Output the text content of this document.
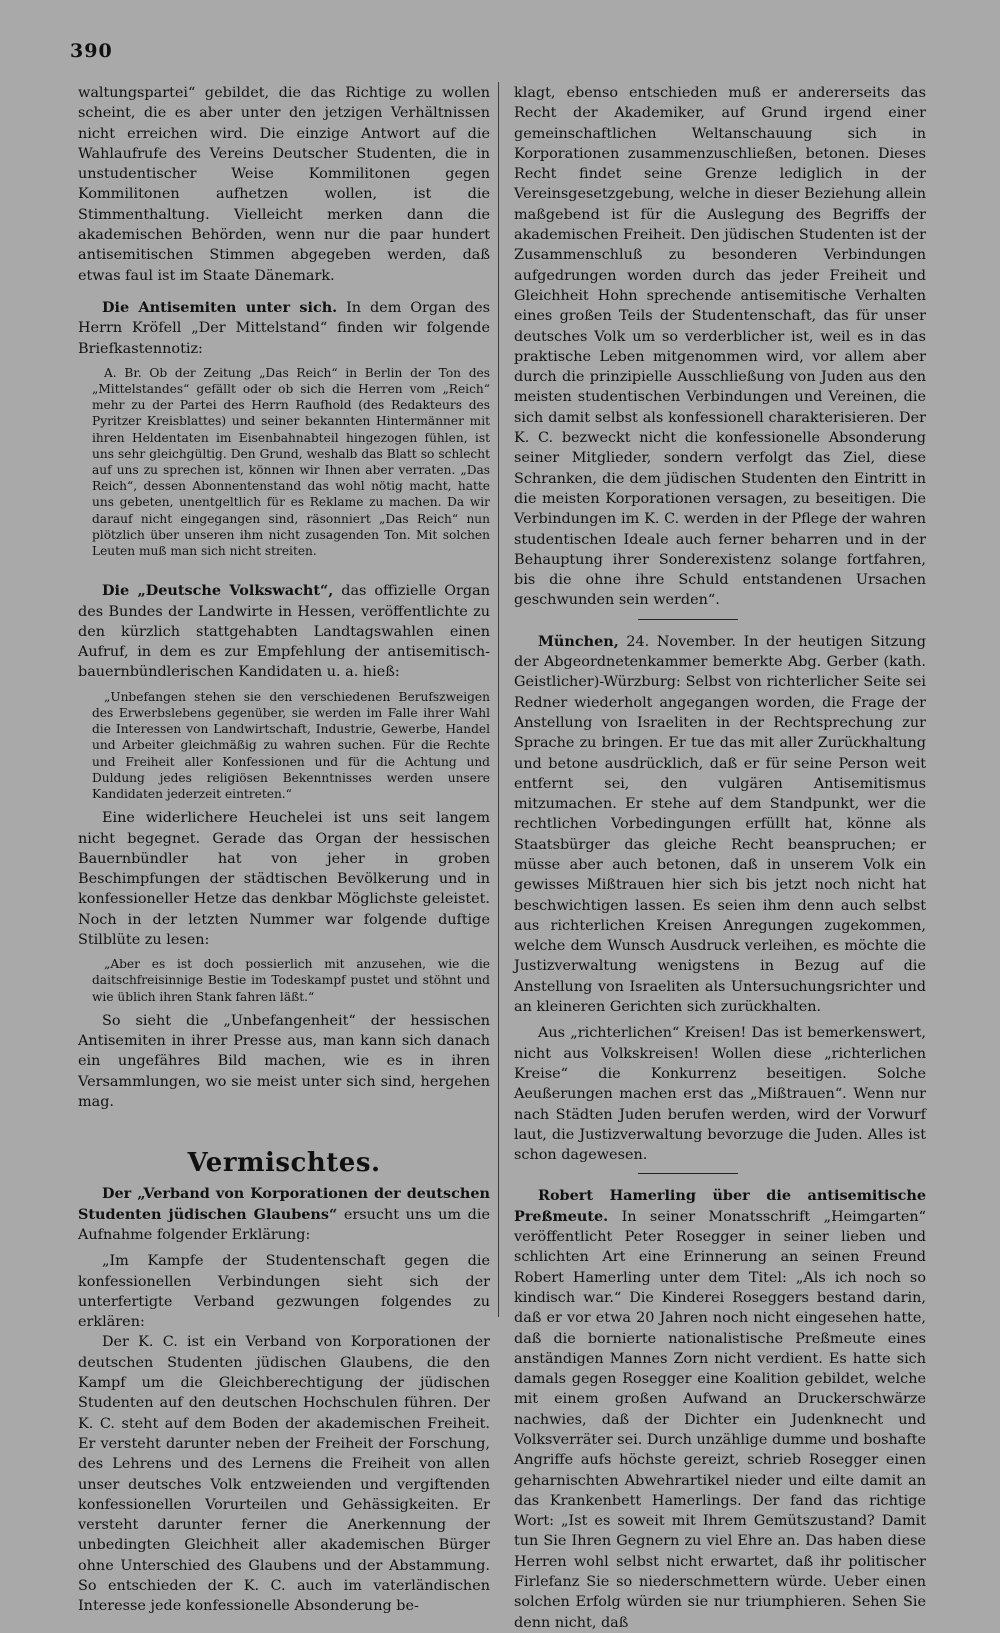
390

waltungspartei“ gebildet, die das Richtige zu wollen scheint, die es aber unter den jetzigen Verhältnissen nicht erreichen wird. Die einzige Antwort auf die Wahlaufrufe des Vereins Deutscher Studenten, die in unstudentischer Weise Kommilitonen gegen Kommilitonen aufhetzen wollen, ist die Stimmenthaltung. Vielleicht merken dann die akademischen Behörden, wenn nur die paar hundert antisemitischen Stimmen abgegeben werden, daß etwas faul ist im Staate Dänemark.

Die Antisemiten unter sich. In dem Organ des Herrn Kröfell „Der Mittelstand“ finden wir folgende Briefkastennotiz:

A. Br. Ob der Zeitung „Das Reich“ in Berlin der Ton des „Mittelstandes“ gefällt oder ob sich die Herren vom „Reich“ mehr zu der Partei des Herrn Raufhold (des Redakteurs des Pyritzer Kreisblattes) und seiner bekannten Hintermänner mit ihren Heldentaten im Eisenbahnabteil hingezogen fühlen, ist uns sehr gleichgültig. Den Grund, weshalb das Blatt so schlecht auf uns zu sprechen ist, können wir Ihnen aber verraten. „Das Reich“, dessen Abonnentenstand das wohl nötig macht, hatte uns gebeten, unentgeltlich für es Reklame zu machen. Da wir darauf nicht eingegangen sind, räsonniert „Das Reich“ nun plötzlich über unseren ihm nicht zusagenden Ton. Mit solchen Leuten muß man sich nicht streiten.

Die „Deutsche Volkswacht“, das offizielle Organ des Bundes der Landwirte in Hessen, veröffentlichte zu den kürzlich stattgehabten Landtagswahlen einen Aufruf, in dem es zur Empfehlung der antisemitisch-bauernbündlerischen Kandidaten u. a. hieß:

„Unbefangen stehen sie den verschiedenen Berufszweigen des Erwerbslebens gegenüber, sie werden im Falle ihrer Wahl die Interessen von Landwirtschaft, Industrie, Gewerbe, Handel und Arbeiter gleichmäßig zu wahren suchen. Für die Rechte und Freiheit aller Konfessionen und für die Achtung und Duldung jedes religiösen Bekenntnisses werden unsere Kandidaten jederzeit eintreten.“

Eine widerlichere Heuchelei ist uns seit langem nicht begegnet. Gerade das Organ der hessischen Bauernbündler hat von jeher in groben Beschimpfungen der städtischen Bevölkerung und in konfessioneller Hetze das denkbar Möglichste geleistet. Noch in der letzten Nummer war folgende duftige Stilblüte zu lesen:

„Aber es ist doch possierlich mit anzusehen, wie die daitschfreisinnige Bestie im Todeskampf pustet und stöhnt und wie üblich ihren Stank fahren läßt.“

So sieht die „Unbefangenheit“ der hessischen Antisemiten in ihrer Presse aus, man kann sich danach ein ungefähres Bild machen, wie es in ihren Versammlungen, wo sie meist unter sich sind, hergehen mag.

Vermischtes.

Der „Verband von Korporationen der deutschen Studenten jüdischen Glaubens“ ersucht uns um die Aufnahme folgender Erklärung:

„Im Kampfe der Studentenschaft gegen die konfessionellen Verbindungen sieht sich der unterfertigte Verband gezwungen folgendes zu erklären:

Der K. C. ist ein Verband von Korporationen der deutschen Studenten jüdischen Glaubens, die den Kampf um die Gleichberechtigung der jüdischen Studenten auf den deutschen Hochschulen führen. Der K. C. steht auf dem Boden der akademischen Freiheit. Er versteht darunter neben der Freiheit der Forschung, des Lehrens und des Lernens die Freiheit von allen unser deutsches Volk entzweienden und vergiftenden konfessionellen Vorurteilen und Gehässigkeiten. Er versteht darunter ferner die Anerkennung der unbedingten Gleichheit aller akademischen Bürger ohne Unterschied des Glaubens und der Abstammung. So entschieden der K. C. auch im vaterländischen Interesse jede konfessionelle Absonderung be-

klagt, ebenso entschieden muß er andererseits das Recht der Akademiker, auf Grund irgend einer gemeinschaftlichen Weltanschauung sich in Korporationen zusammenzuschließen, betonen. Dieses Recht findet seine Grenze lediglich in der Vereinsgesetzgebung, welche in dieser Beziehung allein maßgebend ist für die Auslegung des Begriffs der akademischen Freiheit. Den jüdischen Studenten ist der Zusammenschluß zu besonderen Verbindungen aufgedrungen worden durch das jeder Freiheit und Gleichheit Hohn sprechende antisemitische Verhalten eines großen Teils der Studentenschaft, das für unser deutsches Volk um so verderblicher ist, weil es in das praktische Leben mitgenommen wird, vor allem aber durch die prinzipielle Ausschließung von Juden aus den meisten studentischen Verbindungen und Vereinen, die sich damit selbst als konfessionell charakterisieren. Der K. C. bezweckt nicht die konfessionelle Absonderung seiner Mitglieder, sondern verfolgt das Ziel, diese Schranken, die dem jüdischen Studenten den Eintritt in die meisten Korporationen versagen, zu beseitigen. Die Verbindungen im K. C. werden in der Pflege der wahren studentischen Ideale auch ferner beharren und in der Behauptung ihrer Sonderexistenz solange fortfahren, bis die ohne ihre Schuld entstandenen Ursachen geschwunden sein werden“.

München, 24. November. In der heutigen Sitzung der Abgeordnetenkammer bemerkte Abg. Gerber (kath. Geistlicher)-Würzburg: Selbst von richterlicher Seite sei Redner wiederholt angegangen worden, die Frage der Anstellung von Israeliten in der Rechtsprechung zur Sprache zu bringen. Er tue das mit aller Zurückhaltung und betone ausdrücklich, daß er für seine Person weit entfernt sei, den vulgären Antisemitismus mitzumachen. Er stehe auf dem Standpunkt, wer die rechtlichen Vorbedingungen erfüllt hat, könne als Staatsbürger das gleiche Recht beanspruchen; er müsse aber auch betonen, daß in unserem Volk ein gewisses Mißtrauen hier sich bis jetzt noch nicht hat beschwichtigen lassen. Es seien ihm denn auch selbst aus richterlichen Kreisen Anregungen zugekommen, welche dem Wunsch Ausdruck verleihen, es möchte die Justizverwaltung wenigstens in Bezug auf die Anstellung von Israeliten als Untersuchungsrichter und an kleineren Gerichten sich zurückhalten.

Aus „richterlichen“ Kreisen! Das ist bemerkenswert, nicht aus Volkskreisen! Wollen diese „richterlichen Kreise“ die Konkurrenz beseitigen. Solche Aeußerungen machen erst das „Mißtrauen“. Wenn nur nach Städten Juden berufen werden, wird der Vorwurf laut, die Justizverwaltung bevorzuge die Juden. Alles ist schon dagewesen.

Robert Hamerling über die antisemitische Preßmeute. In seiner Monatsschrift „Heimgarten“ veröffentlicht Peter Rosegger in seiner lieben und schlichten Art eine Erinnerung an seinen Freund Robert Hamerling unter dem Titel: „Als ich noch so kindisch war.“ Die Kinderei Roseggers bestand darin, daß er vor etwa 20 Jahren noch nicht eingesehen hatte, daß die bornierte nationalistische Preßmeute eines anständigen Mannes Zorn nicht verdient. Es hatte sich damals gegen Rosegger eine Koalition gebildet, welche mit einem großen Aufwand an Druckerschwärze nachwies, daß der Dichter ein Judenknecht und Volksverräter sei. Durch unzählige dumme und boshafte Angriffe aufs höchste gereizt, schrieb Rosegger einen geharnischten Abwehrartikel nieder und eilte damit an das Krankenbett Hamerlings. Der fand das richtige Wort: „Ist es soweit mit Ihrem Gemütszustand? Damit tun Sie Ihren Gegnern zu viel Ehre an. Das haben diese Herren wohl selbst nicht erwartet, daß ihr politischer Firlefanz Sie so niederschmettern würde. Ueber einen solchen Erfolg würden sie nur triumphieren. Sehen Sie denn nicht, daß
